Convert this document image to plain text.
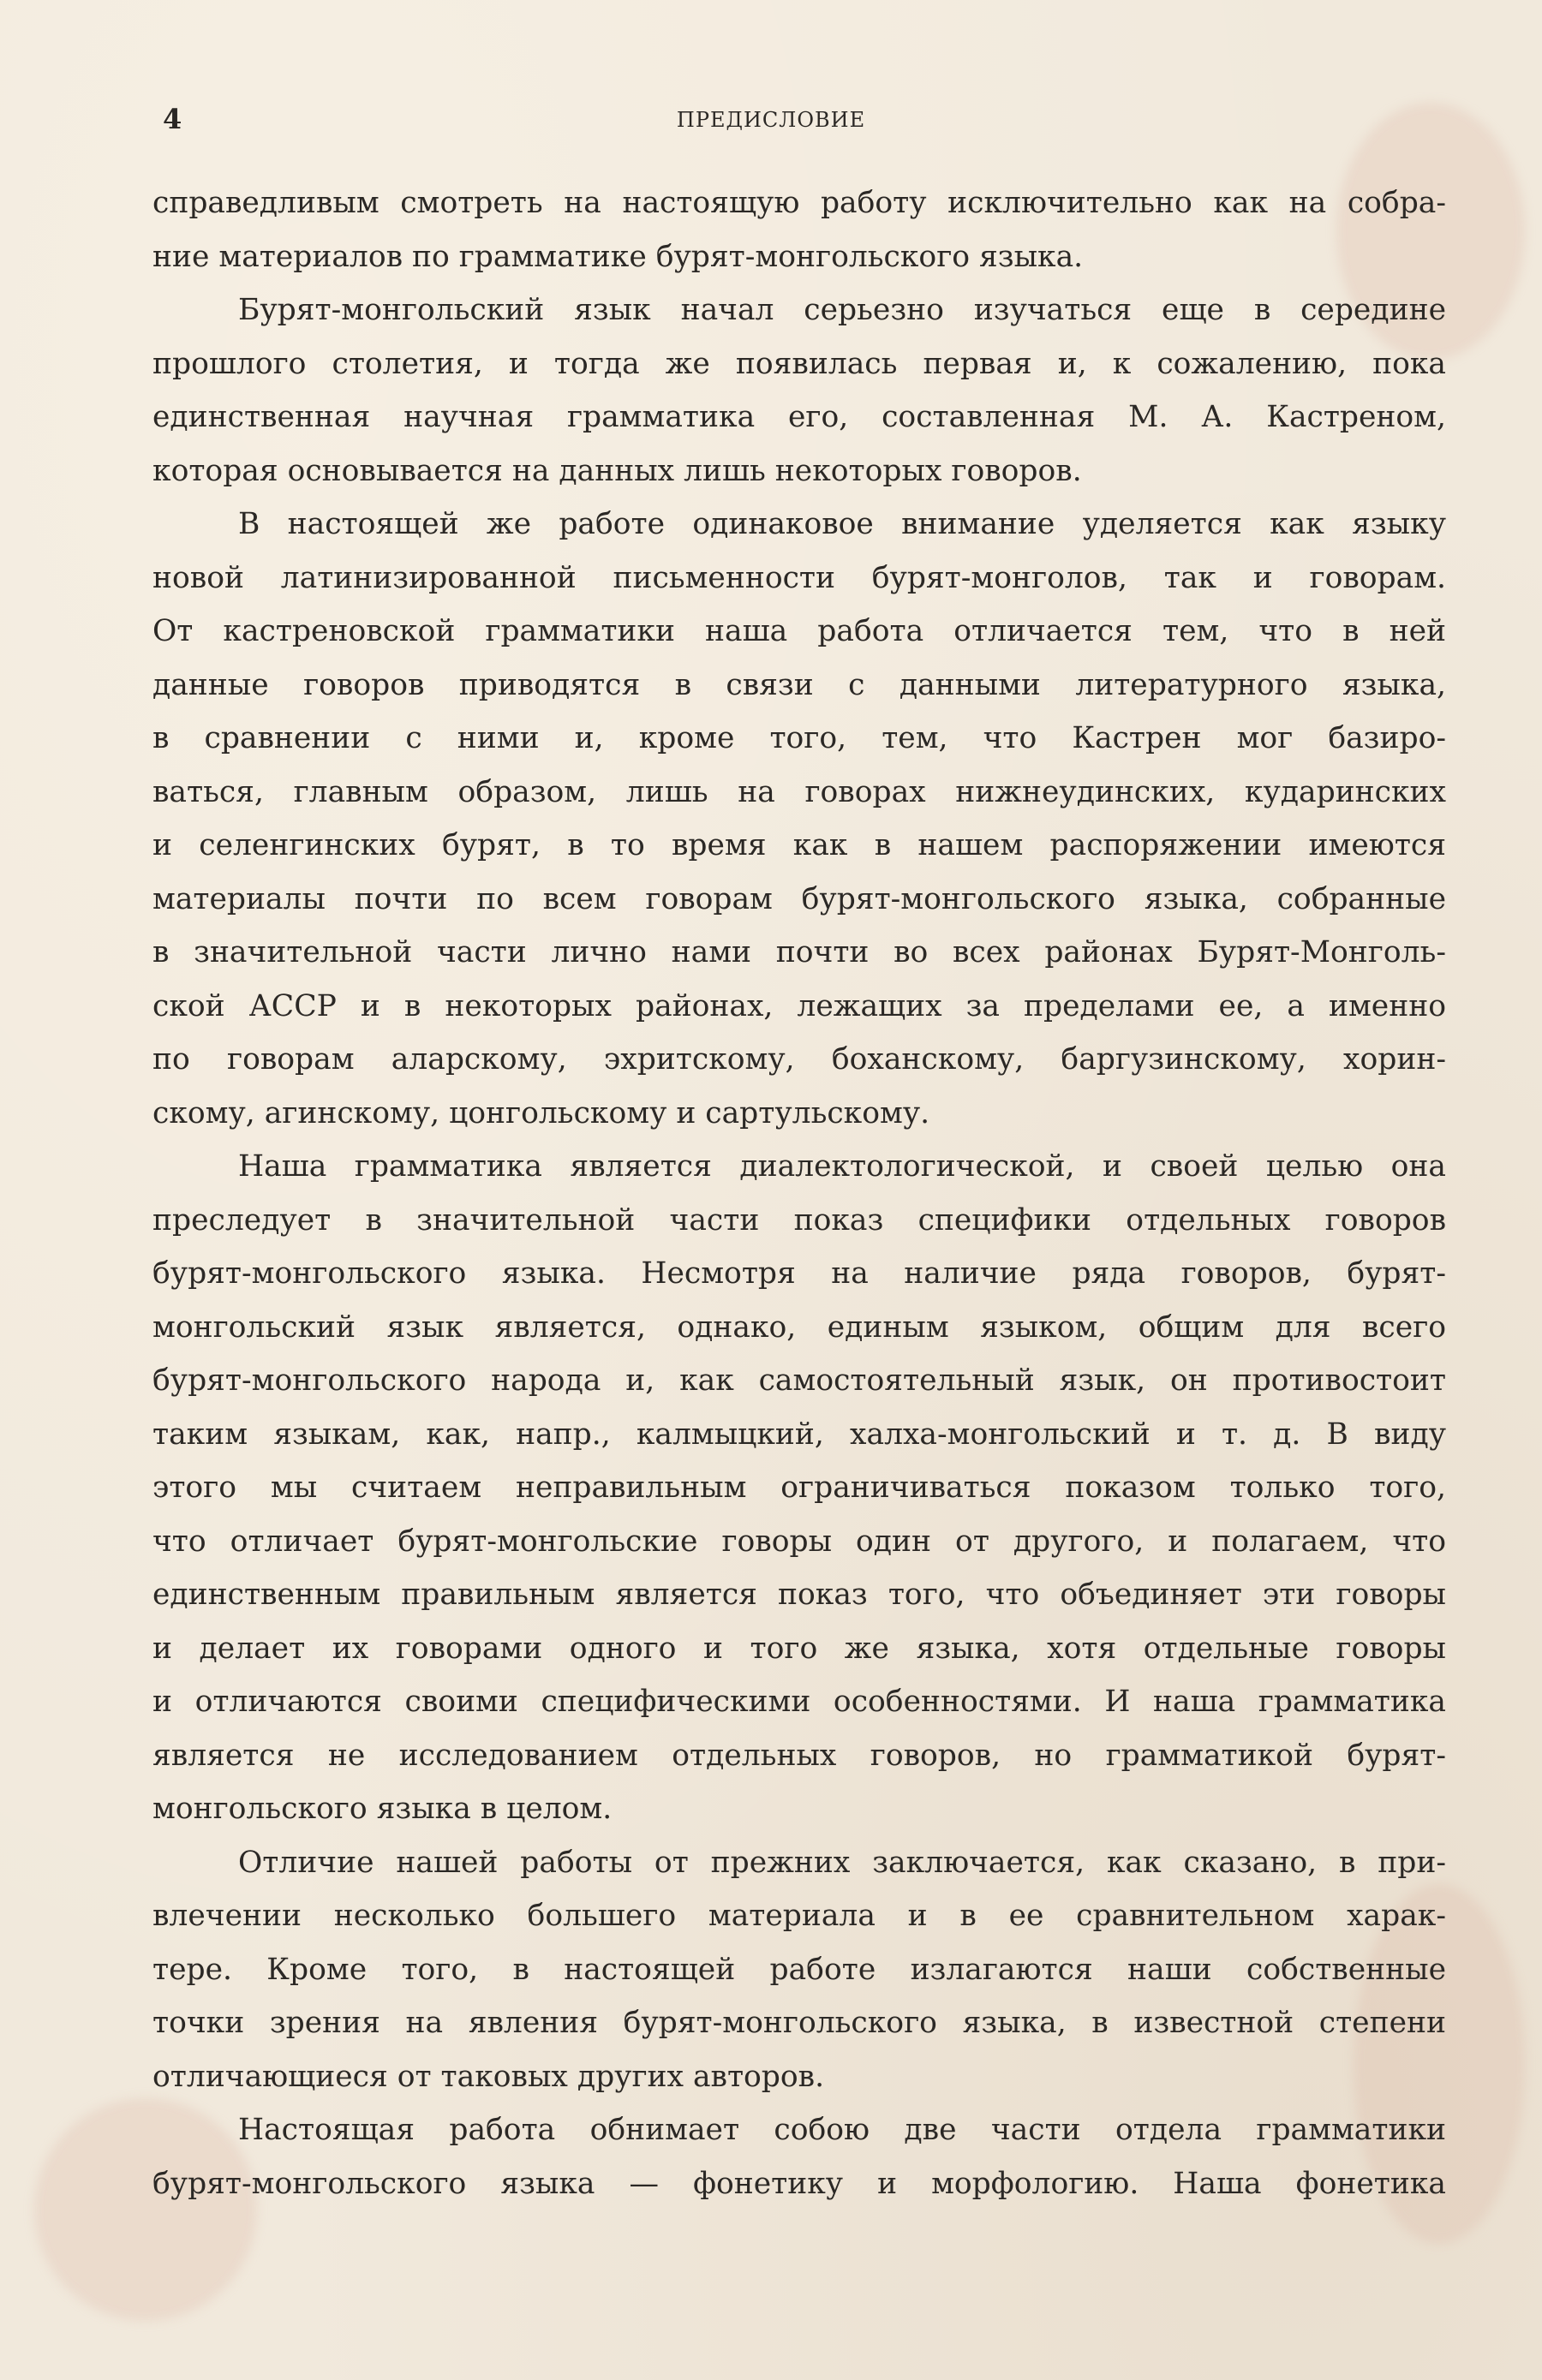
4	ПРЕДИСЛОВИЕ
справедливым смотреть на настоящую работу исключительно как на собра-
ние материалов по грамматике бурят-монгольского языка.
Бурят-монгольский язык начал серьезно изучаться еще в середине
прошлого столетия, и тогда же появилась первая и, к сожалению, пока
единственная научная грамматика его, составленная М. А. Кастреном,
которая основывается на данных лишь некоторых говоров.
В настоящей же работе одинаковое внимание уделяется как языку
новой латинизированной письменности бурят-монголов, так и говорам.
От кастреновской грамматики наша работа отличается тем, что в ней
данные говоров приводятся в связи с данными литературного языка,
в сравнении с ними и, кроме того, тем, что Кастрен мог базиро-
ваться, главным образом, лишь на говорах нижнеудинских, кударинских
и селенгинских бурят, в то время как в нашем распоряжении имеются
материалы почти по всем говорам бурят-монгольского языка, собранные
в значительной части лично нами почти во всех районах Бурят-Монголь-
ской АССР и в некоторых районах, лежащих за пределами ее, а именно
по говорам аларскому, эхритскому, боханскому, баргузинскому, хорин-
скому, агинскому, цонгольскому и сартульскому.
Наша грамматика является диалектологической, и своей целью она
преследует в значительной части показ специфики отдельных говоров
бурят-монгольского языка. Несмотря на наличие ряда говоров, бурят-
монгольский язык является, однако, единым языком, общим для всего
бурят-монгольского народа и, как самостоятельный язык, он противостоит
таким языкам, как, напр., калмыцкий, халха-монгольский и т. д. В виду
этого мы считаем неправильным ограничиваться показом только того,
что отличает бурят-монгольские говоры один от другого, и полагаем, что
единственным правильным является показ того, что объединяет эти говоры
и делает их говорами одного и того же языка, хотя отдельные говоры
и отличаются своими специфическими особенностями. И наша грамматика
является не исследованием отдельных говоров, но грамматикой бурят-
монгольского языка в целом.
Отличие нашей работы от прежних заключается, как сказано, в при-
влечении несколько большего материала и в ее сравнительном харак-
тере. Кроме того, в настоящей работе излагаются наши собственные
точки зрения на явления бурят-монгольского языка, в известной степени
отличающиеся от таковых других авторов.
Настоящая работа обнимает собою две части отдела грамматики
бурят-монгольского языка — фонетику и морфологию. Наша фонетика
